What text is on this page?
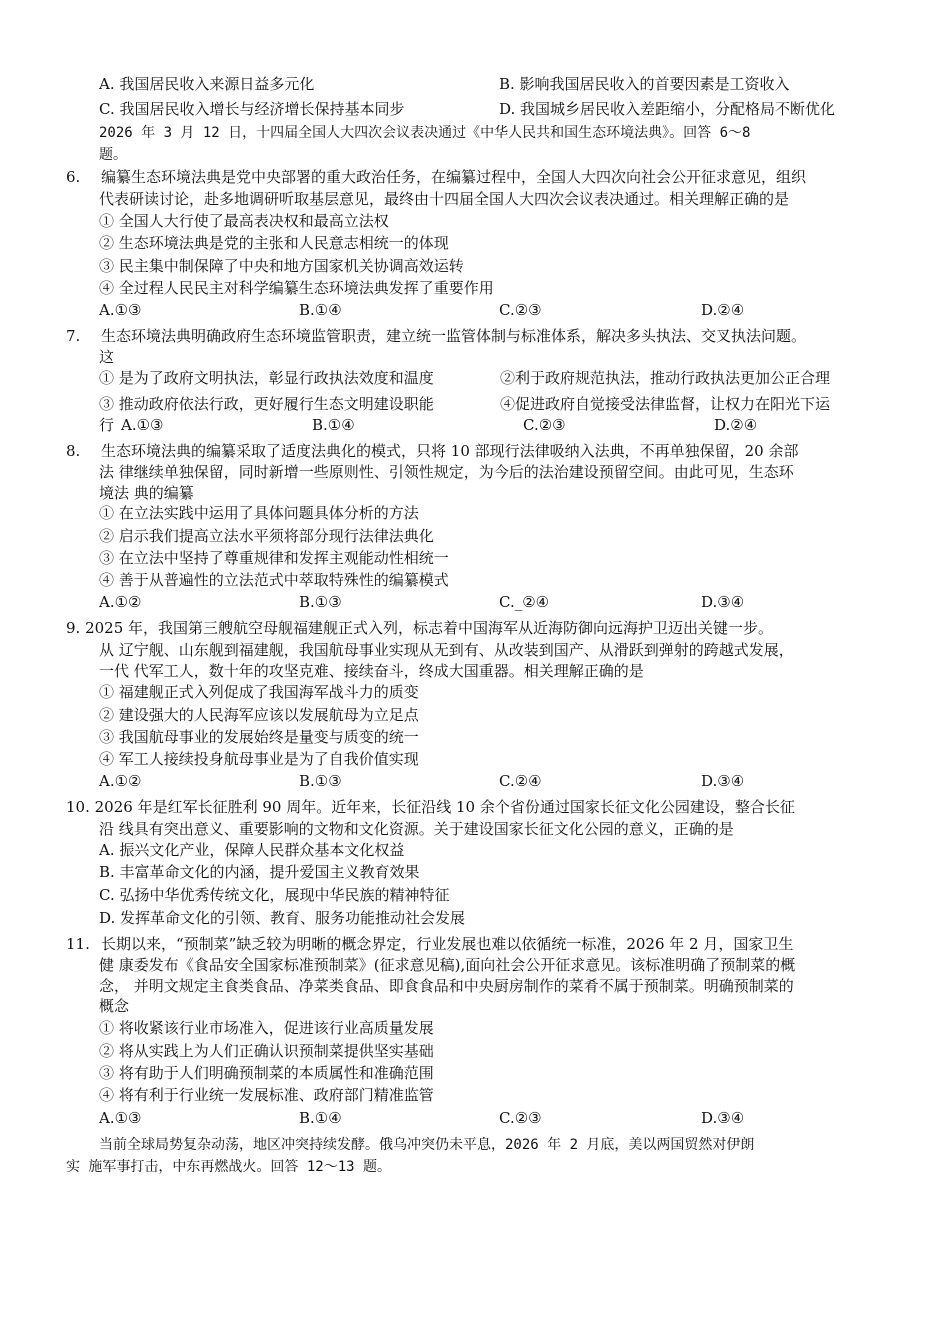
A. 我国居民收入来源日益多元化	B. 影响我国居民收入的首要因素是工资收入
C. 我国居民收入增长与经济增长保持基本同步	D. 我国城乡居民收入差距缩小，分配格局不断优化
2026 年 3 月 12 日，十四届全国人大四次会议表决通过《中华人民共和国生态环境法典》。回答 6～8
题。
6. 编纂生态环境法典是党中央部署的重大政治任务，在编纂过程中，全国人大四次向社会公开征求意见，组织
代表研读讨论，赴多地调研听取基层意见，最终由十四届全国人大四次会议表决通过。相关理解正确的是
① 全国人大行使了最高表决权和最高立法权
② 生态环境法典是党的主张和人民意志相统一的体现
③ 民主集中制保障了中央和地方国家机关协调高效运转
④ 全过程人民民主对科学编纂生态环境法典发挥了重要作用
A.①③	B.①④	C.②③	D.②④
7. 生态环境法典明确政府生态环境监管职责，建立统一监管体制与标准体系，解决多头执法、交叉执法问题。
这
① 是为了政府文明执法，彰显行政执法效度和温度	②利于政府规范执法，推动行政执法更加公正合理
③ 推动政府依法行政，更好履行生态文明建设职能	④促进政府自觉接受法律监督，让权力在阳光下运
行 A.①③	B.①④	C.②③	D.②④
8. 生态环境法典的编纂采取了适度法典化的模式，只将 10 部现行法律吸纳入法典，不再单独保留，20 余部
法 律继续单独保留，同时新增一些原则性、引领性规定，为今后的法治建设预留空间。由此可见，生态环
境法 典的编纂
① 在立法实践中运用了具体问题具体分析的方法
② 启示我们提高立法水平须将部分现行法律法典化
③ 在立法中坚持了尊重规律和发挥主观能动性相统一
④ 善于从普遍性的立法范式中萃取特殊性的编纂模式
A.①②	B.①③	C._②④	D.③④
9. 2025 年，我国第三艘航空母舰福建舰正式入列，标志着中国海军从近海防御向远海护卫迈出关键一步。
从 辽宁舰、山东舰到福建舰，我国航母事业实现从无到有、从改装到国产、从滑跃到弹射的跨越式发展，
一代 代军工人，数十年的攻坚克难、接续奋斗，终成大国重器。相关理解正确的是
① 福建舰正式入列促成了我国海军战斗力的质变
② 建设强大的人民海军应该以发展航母为立足点
③ 我国航母事业的发展始终是量变与质变的统一
④ 军工人接续投身航母事业是为了自我价值实现
A.①②	B.①③	C.②④	D.③④
10. 2026 年是红军长征胜利 90 周年。近年来，长征沿线 10 余个省份通过国家长征文化公园建设，整合长征
沿 线具有突出意义、重要影响的文物和文化资源。关于建设国家长征文化公园的意义，正确的是
A. 振兴文化产业，保障人民群众基本文化权益
B. 丰富革命文化的内涵，提升爱国主义教育效果
C. 弘扬中华优秀传统文化，展现中华民族的精神特征
D. 发挥革命文化的引领、教育、服务功能推动社会发展
11. 长期以来，“预制菜”缺乏较为明晰的概念界定，行业发展也难以依循统一标准，2026 年 2 月，国家卫生
健 康委发布《食品安全国家标准预制菜》(征求意见稿),面向社会公开征求意见。该标准明确了预制菜的概
念， 并明文规定主食类食品、净菜类食品、即食食品和中央厨房制作的菜肴不属于预制菜。明确预制菜的
概念
① 将收紧该行业市场准入，促进该行业高质量发展
② 将从实践上为人们正确认识预制菜提供坚实基础
③ 将有助于人们明确预制菜的本质属性和准确范围
④ 将有利于行业统一发展标准、政府部门精准监管
A.①③	B.①④	C.②③	D.③④
当前全球局势复杂动荡，地区冲突持续发酵。俄乌冲突仍未平息，2026 年 2 月底，美以两国贸然对伊朗
实 施军事打击，中东再燃战火。回答 12～13 题。
